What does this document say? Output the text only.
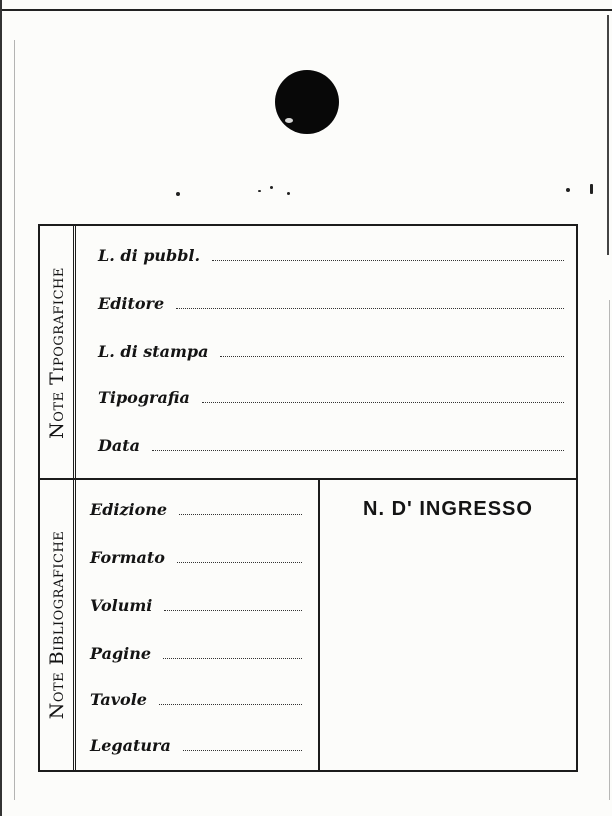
Note Tipografiche
Note Bibliografiche
L. di pubbl.
Editore
L. di stampa
Tipografia
Data
Edizione
Formato
Volumi
Pagine
Tavole
Legatura
N. D' INGRESSO
